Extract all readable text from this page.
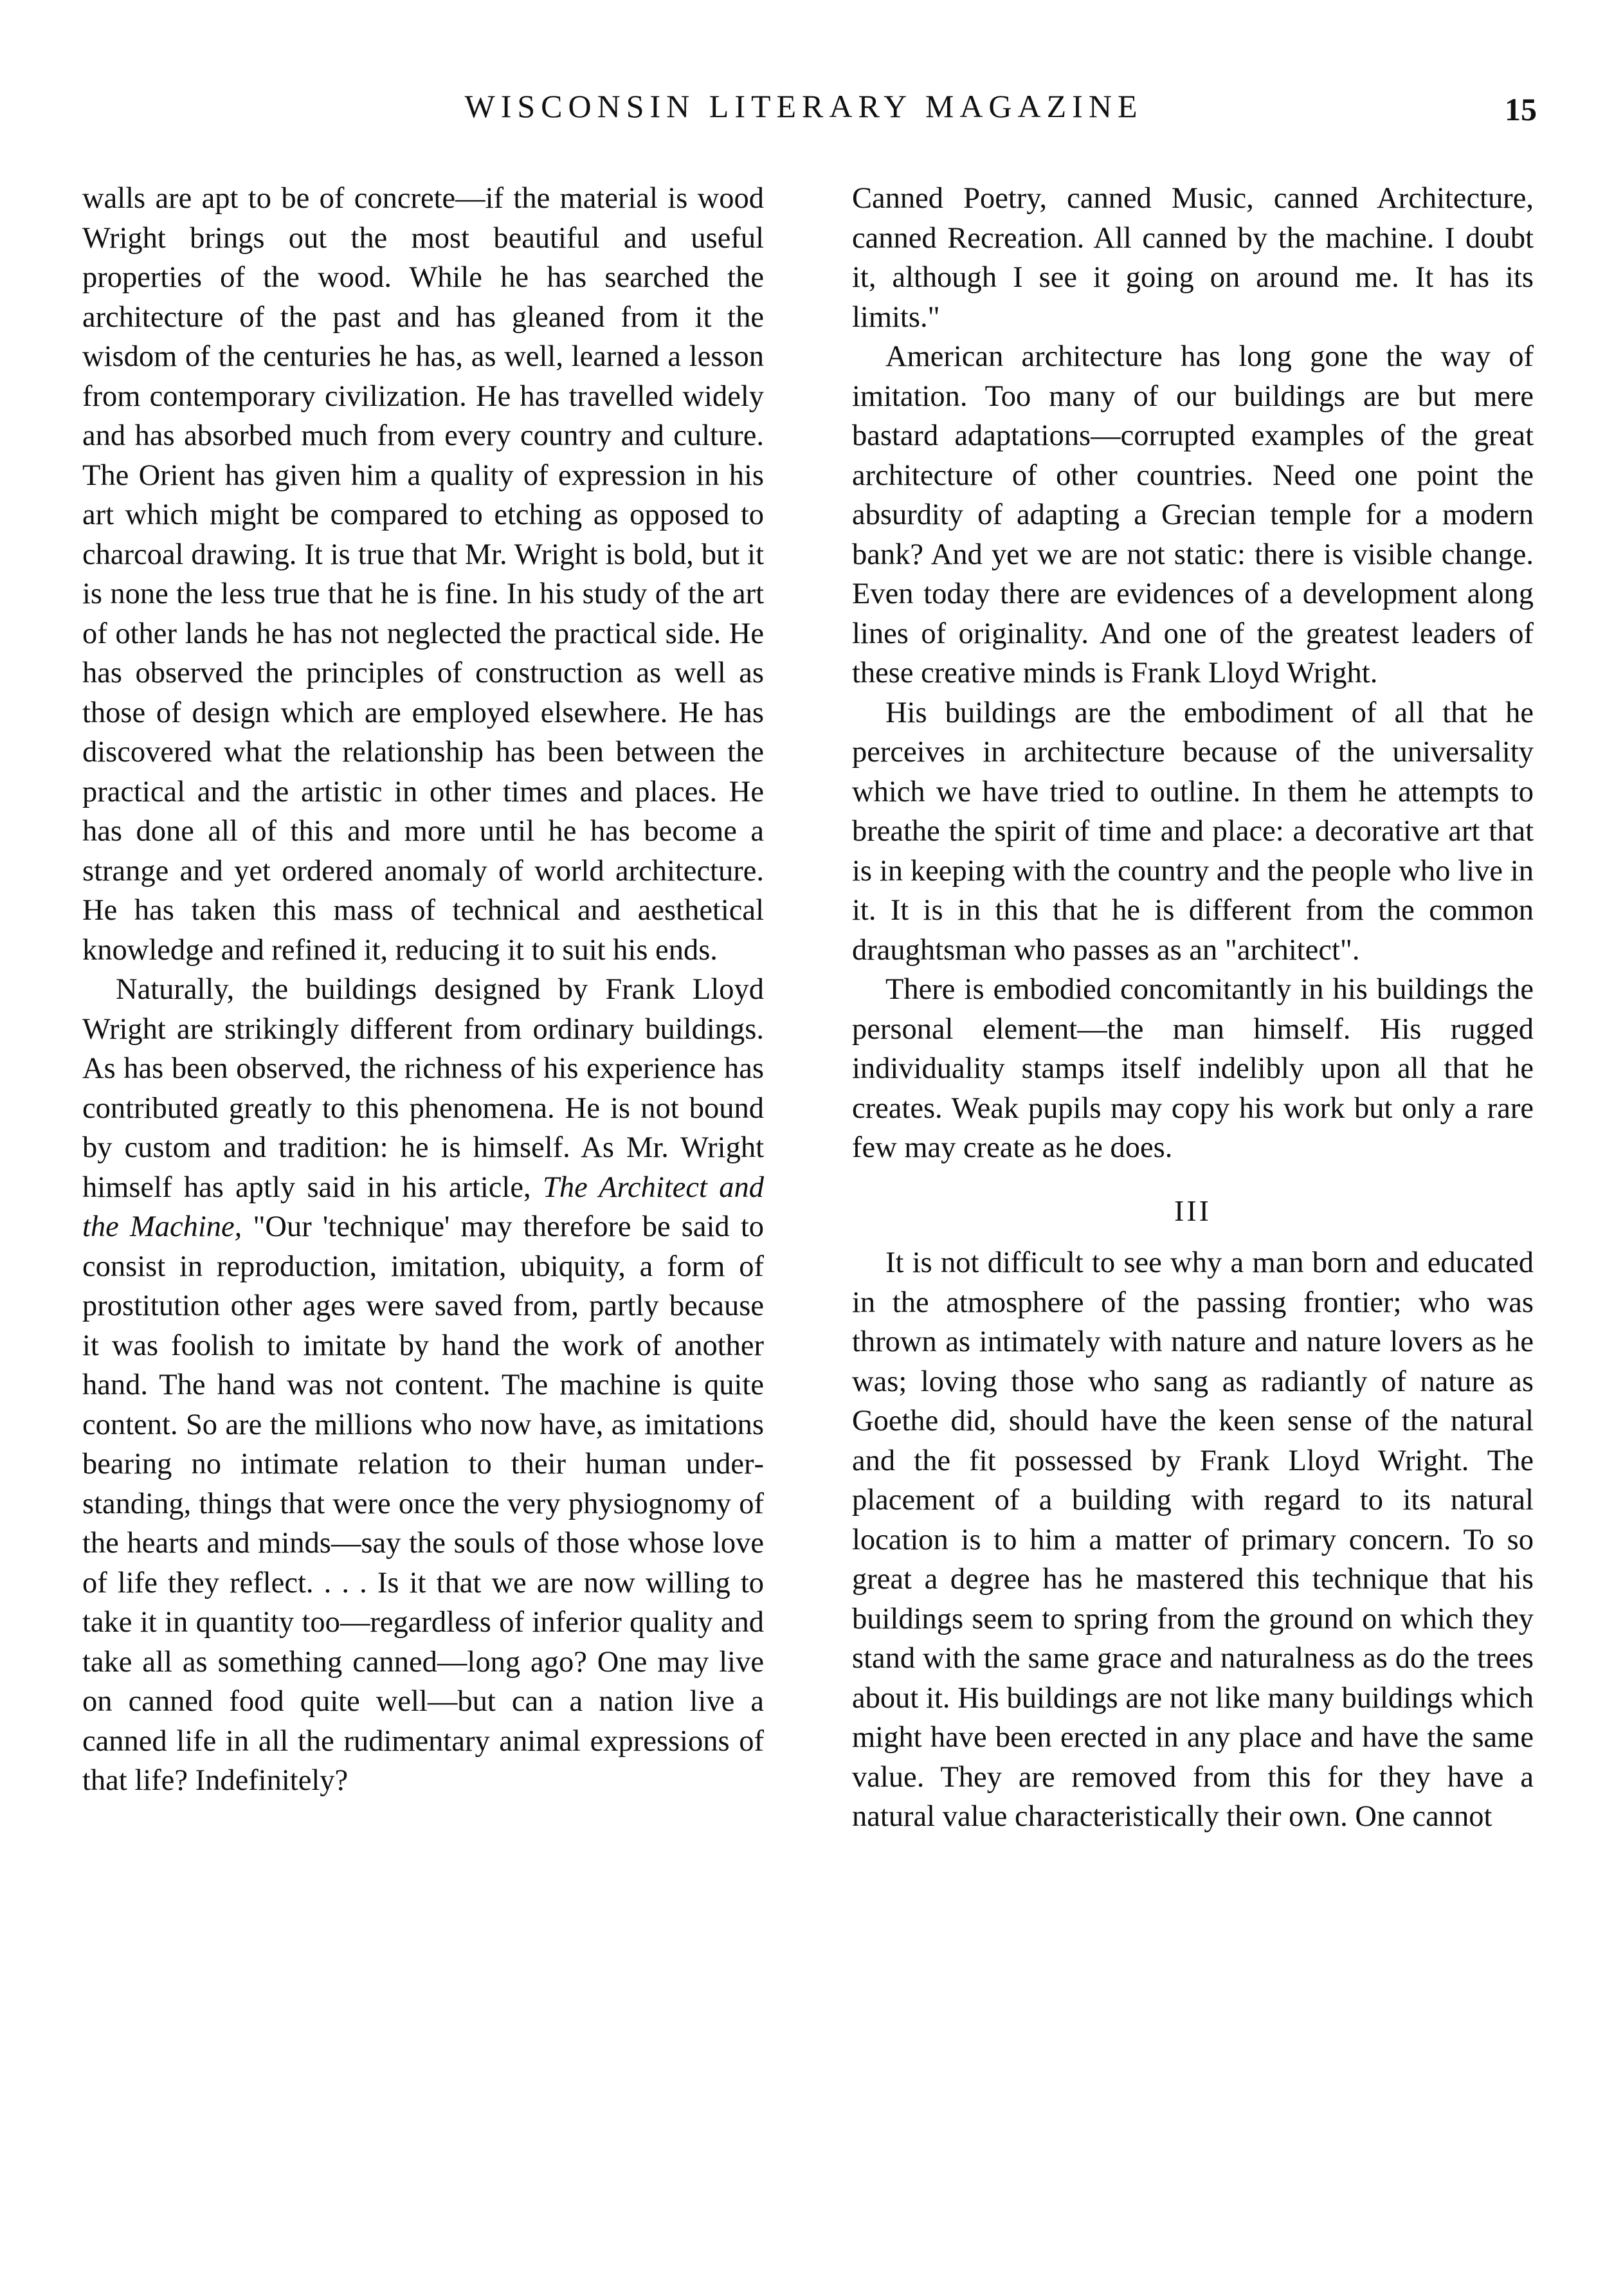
WISCONSIN LITERARY MAGAZINE	15

walls are apt to be of concrete—if the material is wood Wright brings out the most beautiful and useful properties of the wood. While he has searched the architecture of the past and has gleaned from it the wisdom of the centuries he has, as well, learned a lesson from contemporary civilization. He has travelled widely and has absorbed much from every country and culture. The Orient has given him a quality of expression in his art which might be compared to etching as opposed to charcoal drawing. It is true that Mr. Wright is bold, but it is none the less true that he is fine. In his study of the art of other lands he has not neglected the practical side. He has observed the principles of construction as well as those of design which are employed elsewhere. He has discovered what the relationship has been between the practical and the artistic in other times and places. He has done all of this and more until he has become a strange and yet ordered anomaly of world architecture. He has taken this mass of technical and aesthetical knowledge and refined it, reducing it to suit his ends.

Naturally, the buildings designed by Frank Lloyd Wright are strikingly different from ordinary buildings. As has been observed, the richness of his experience has contributed greatly to this phenomena. He is not bound by custom and tradition: he is himself. As Mr. Wright himself has aptly said in his article, The Architect and the Machine, "Our 'technique' may therefore be said to consist in reproduction, imitation, ubiquity, a form of prostitution other ages were saved from, partly because it was foolish to imitate by hand the work of another hand. The hand was not content. The machine is quite content. So are the millions who now have, as imitations bearing no intimate relation to their human understanding, things that were once the very physiognomy of the hearts and minds—say the souls of those whose love of life they reflect. . . . Is it that we are now willing to take it in quantity too—regardless of inferior quality and take all as something canned—long ago? One may live on canned food quite well—but can a nation live a canned life in all the rudimentary animal expressions of that life? Indefinitely?

Canned Poetry, canned Music, canned Architecture, canned Recreation. All canned by the machine. I doubt it, although I see it going on around me. It has its limits."

American architecture has long gone the way of imitation. Too many of our buildings are but mere bastard adaptations—corrupted examples of the great architecture of other countries. Need one point the absurdity of adapting a Grecian temple for a modern bank? And yet we are not static: there is visible change. Even today there are evidences of a development along lines of originality. And one of the greatest leaders of these creative minds is Frank Lloyd Wright.

His buildings are the embodiment of all that he perceives in architecture because of the universality which we have tried to outline. In them he attempts to breathe the spirit of time and place: a decorative art that is in keeping with the country and the people who live in it. It is in this that he is different from the common draughtsman who passes as an "architect".

There is embodied concomitantly in his buildings the personal element—the man himself. His rugged individuality stamps itself indelibly upon all that he creates. Weak pupils may copy his work but only a rare few may create as he does.

III

It is not difficult to see why a man born and educated in the atmosphere of the passing frontier; who was thrown as intimately with nature and nature lovers as he was; loving those who sang as radiantly of nature as Goethe did, should have the keen sense of the natural and the fit possessed by Frank Lloyd Wright. The placement of a building with regard to its natural location is to him a matter of primary concern. To so great a degree has he mastered this technique that his buildings seem to spring from the ground on which they stand with the same grace and naturalness as do the trees about it. His buildings are not like many buildings which might have been erected in any place and have the same value. They are removed from this for they have a natural value characteristically their own. One cannot
